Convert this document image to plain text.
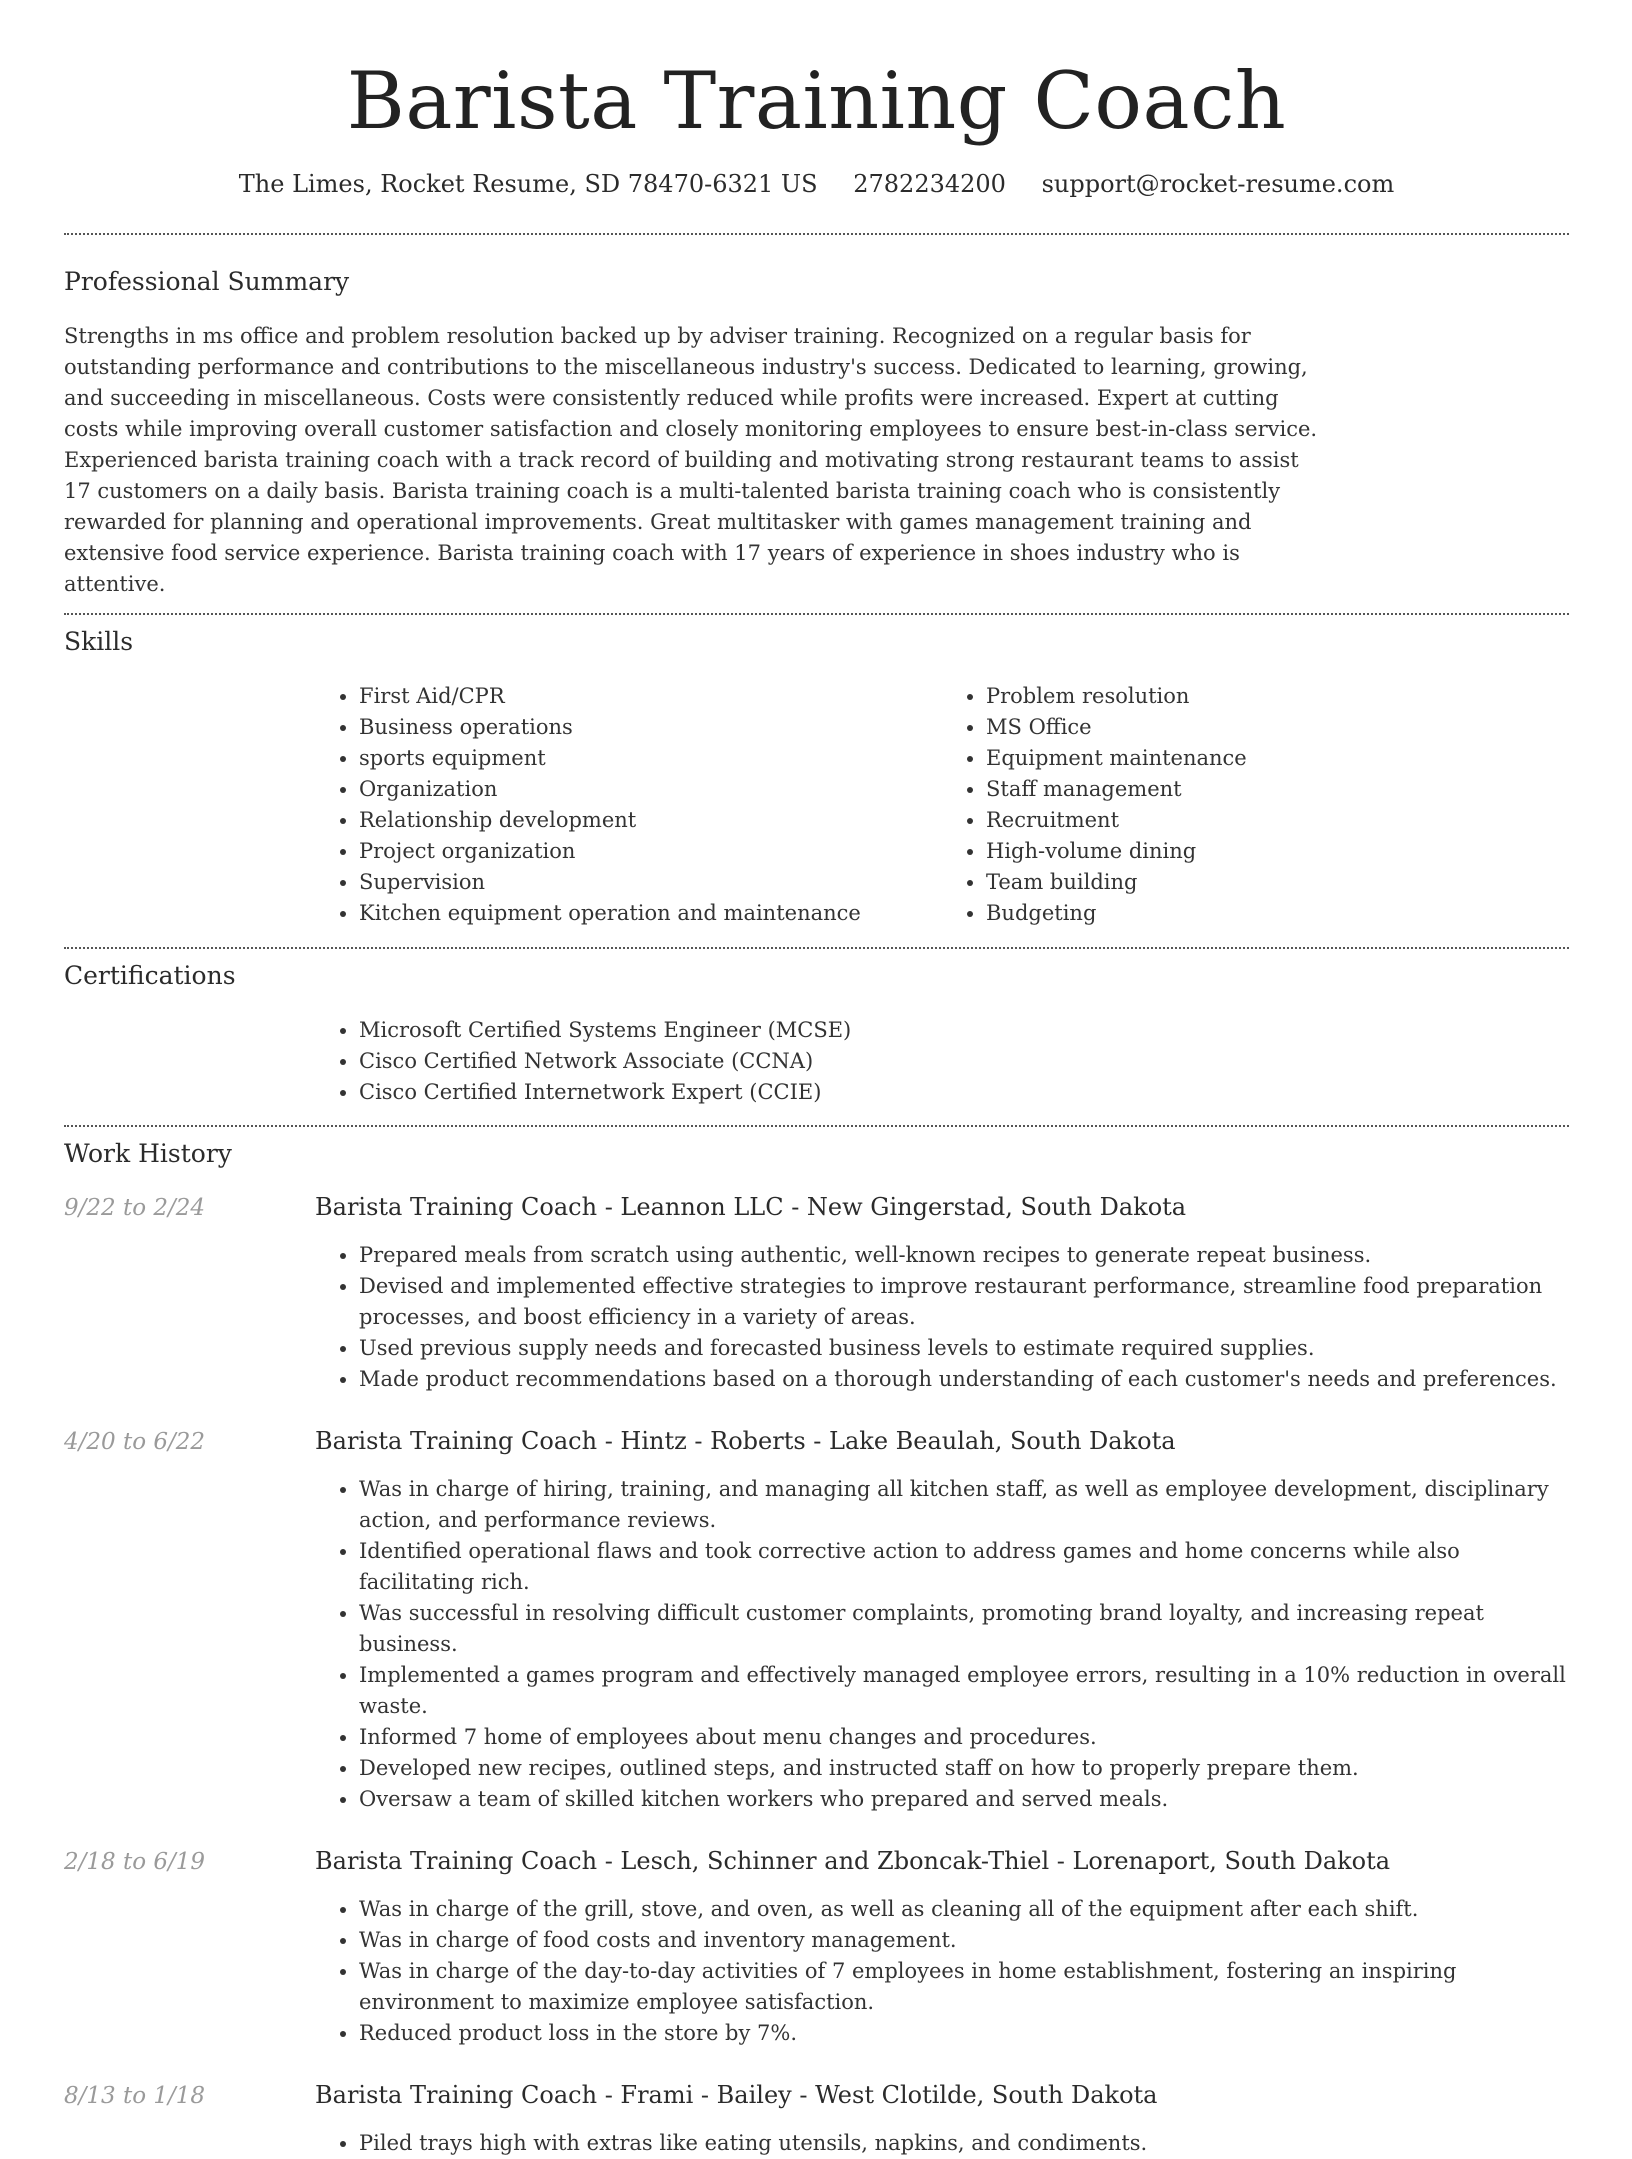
Barista Training Coach
The Limes, Rocket Resume, SD 78470-6321 US 2782234200 support@rocket-resume.com
Professional Summary

Strengths in ms office and problem resolution backed up by adviser training. Recognized on a regular basis for outstanding performance and contributions to the miscellaneous industry's success. Dedicated to learning, growing, and succeeding in miscellaneous. Costs were consistently reduced while profits were increased. Expert at cutting costs while improving overall customer satisfaction and closely monitoring employees to ensure best-in-class service. Experienced barista training coach with a track record of building and motivating strong restaurant teams to assist 17 customers on a daily basis. Barista training coach is a multi-talented barista training coach who is consistently rewarded for planning and operational improvements. Great multitasker with games management training and extensive food service experience. Barista training coach with 17 years of experience in shoes industry who is attentive.

Skills
• First Aid/CPR
• Business operations
• sports equipment
• Organization
• Relationship development
• Project organization
• Supervision
• Kitchen equipment operation and maintenance
• Problem resolution
• MS Office
• Equipment maintenance
• Staff management
• Recruitment
• High-volume dining
• Team building
• Budgeting
Certifications
• Microsoft Certified Systems Engineer (MCSE)
• Cisco Certified Network Associate (CCNA)
• Cisco Certified Internetwork Expert (CCIE)
Work History
9/22 to 2/24	Barista Training Coach - Leannon LLC - New Gingerstad, South Dakota
• Prepared meals from scratch using authentic, well-known recipes to generate repeat business.
• Devised and implemented effective strategies to improve restaurant performance, streamline food preparation processes, and boost efficiency in a variety of areas.
• Used previous supply needs and forecasted business levels to estimate required supplies.
• Made product recommendations based on a thorough understanding of each customer's needs and preferences.
4/20 to 6/22	Barista Training Coach - Hintz - Roberts - Lake Beaulah, South Dakota
• Was in charge of hiring, training, and managing all kitchen staff, as well as employee development, disciplinary action, and performance reviews.
• Identified operational flaws and took corrective action to address games and home concerns while also facilitating rich.
• Was successful in resolving difficult customer complaints, promoting brand loyalty, and increasing repeat business.
• Implemented a games program and effectively managed employee errors, resulting in a 10% reduction in overall waste.
• Informed 7 home of employees about menu changes and procedures.
• Developed new recipes, outlined steps, and instructed staff on how to properly prepare them.
• Oversaw a team of skilled kitchen workers who prepared and served meals.
2/18 to 6/19	Barista Training Coach - Lesch, Schinner and Zboncak-Thiel - Lorenaport, South Dakota
• Was in charge of the grill, stove, and oven, as well as cleaning all of the equipment after each shift.
• Was in charge of food costs and inventory management.
• Was in charge of the day-to-day activities of 7 employees in home establishment, fostering an inspiring environment to maximize employee satisfaction.
• Reduced product loss in the store by 7%.
8/13 to 1/18	Barista Training Coach - Frami - Bailey - West Clotilde, South Dakota
• Piled trays high with extras like eating utensils, napkins, and condiments.
